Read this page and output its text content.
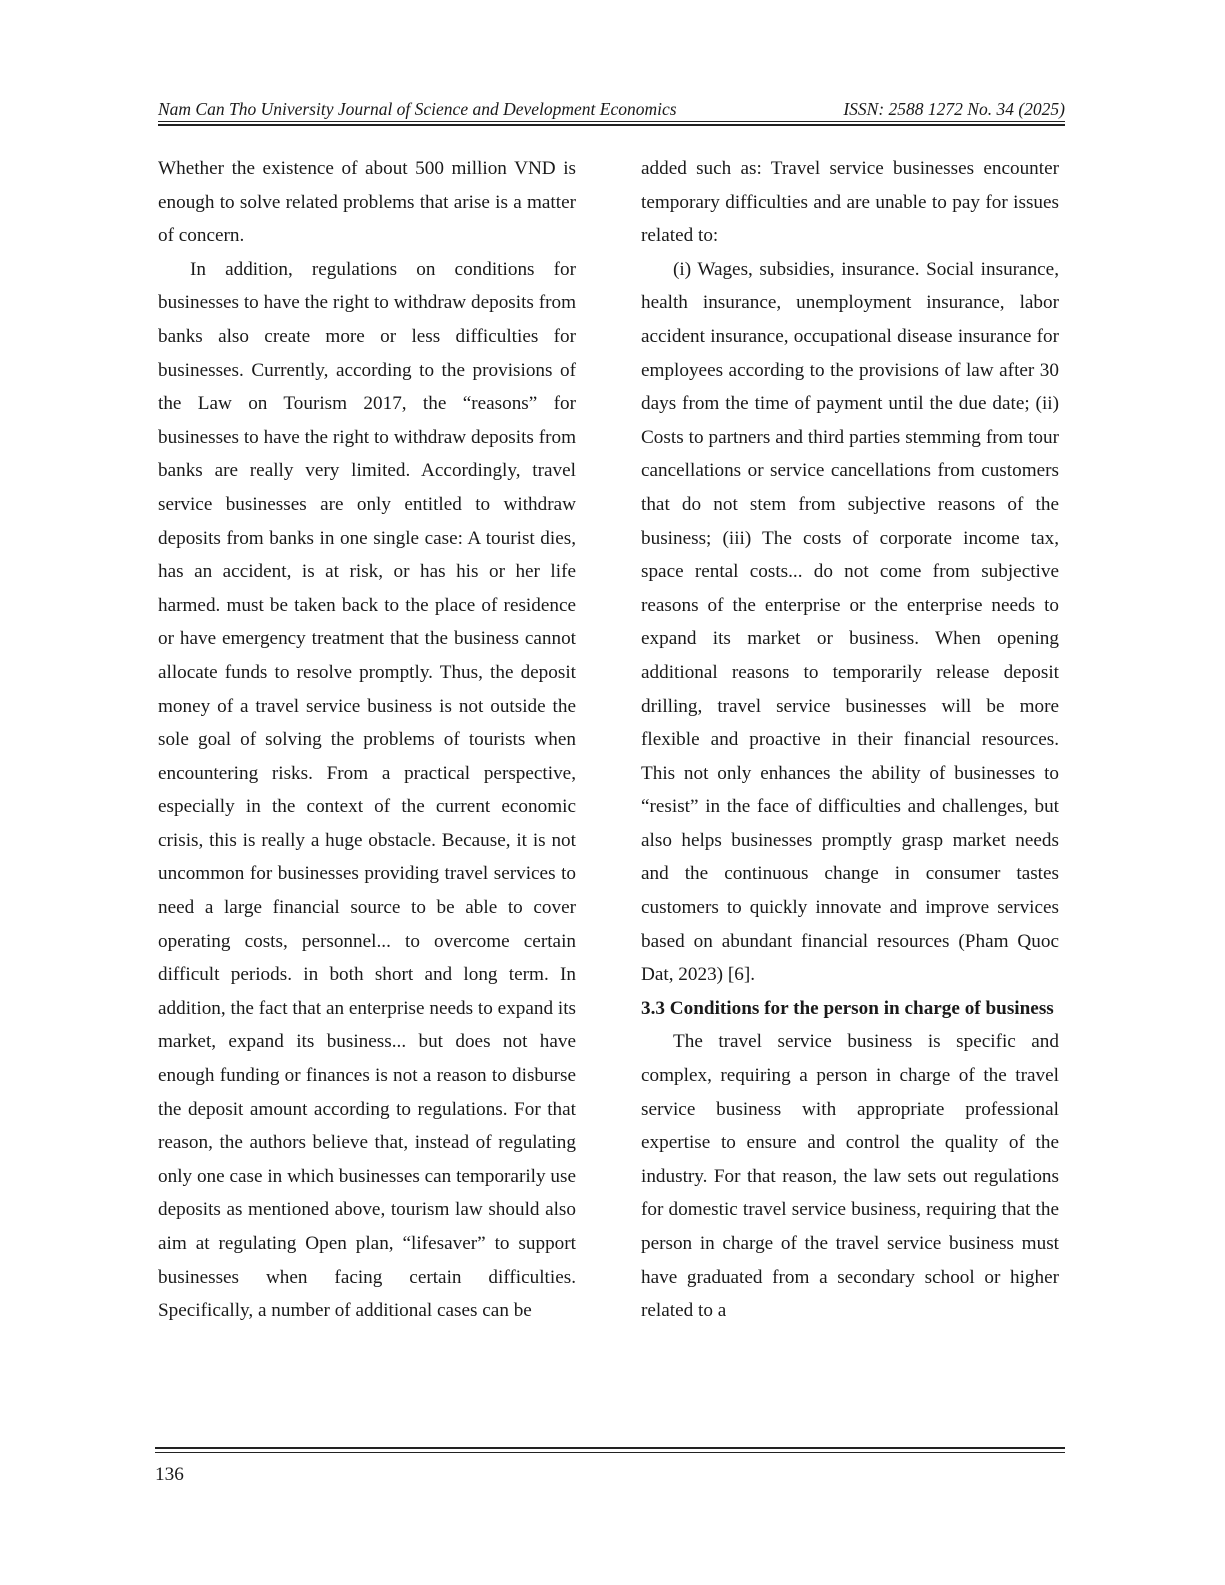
Nam Can Tho University Journal of Science and Development Economics	ISSN: 2588 1272 No. 34 (2025)

Whether the existence of about 500 million VND is enough to solve related problems that arise is a matter of concern.

In addition, regulations on conditions for businesses to have the right to withdraw deposits from banks also create more or less difficulties for businesses. Currently, according to the provisions of the Law on Tourism 2017, the “reasons” for businesses to have the right to withdraw deposits from banks are really very limited. Accordingly, travel service businesses are only entitled to withdraw deposits from banks in one single case: A tourist dies, has an accident, is at risk, or has his or her life harmed. must be taken back to the place of residence or have emergency treatment that the business cannot allocate funds to resolve promptly. Thus, the deposit money of a travel service business is not outside the sole goal of solving the problems of tourists when encountering risks. From a practical perspective, especially in the context of the current economic crisis, this is really a huge obstacle. Because, it is not uncommon for businesses providing travel services to need a large financial source to be able to cover operating costs, personnel... to overcome certain difficult periods. in both short and long term. In addition, the fact that an enterprise needs to expand its market, expand its business... but does not have enough funding or finances is not a reason to disburse the deposit amount according to regulations. For that reason, the authors believe that, instead of regulating only one case in which businesses can temporarily use deposits as mentioned above, tourism law should also aim at regulating Open plan, “lifesaver” to support businesses when facing certain difficulties. Specifically, a number of additional cases can be

added such as: Travel service businesses encounter temporary difficulties and are unable to pay for issues related to:

(i) Wages, subsidies, insurance. Social insurance, health insurance, unemployment insurance, labor accident insurance, occupational disease insurance for employees according to the provisions of law after 30 days from the time of payment until the due date; (ii) Costs to partners and third parties stemming from tour cancellations or service cancellations from customers that do not stem from subjective reasons of the business; (iii) The costs of corporate income tax, space rental costs... do not come from subjective reasons of the enterprise or the enterprise needs to expand its market or business. When opening additional reasons to temporarily release deposit drilling, travel service businesses will be more flexible and proactive in their financial resources. This not only enhances the ability of businesses to “resist” in the face of difficulties and challenges, but also helps businesses promptly grasp market needs and the continuous change in consumer tastes customers to quickly innovate and improve services based on abundant financial resources (Pham Quoc Dat, 2023) [6].

3.3 Conditions for the person in charge of business

The travel service business is specific and complex, requiring a person in charge of the travel service business with appropriate professional expertise to ensure and control the quality of the industry. For that reason, the law sets out regulations for domestic travel service business, requiring that the person in charge of the travel service business must have graduated from a secondary school or higher related to a

136
